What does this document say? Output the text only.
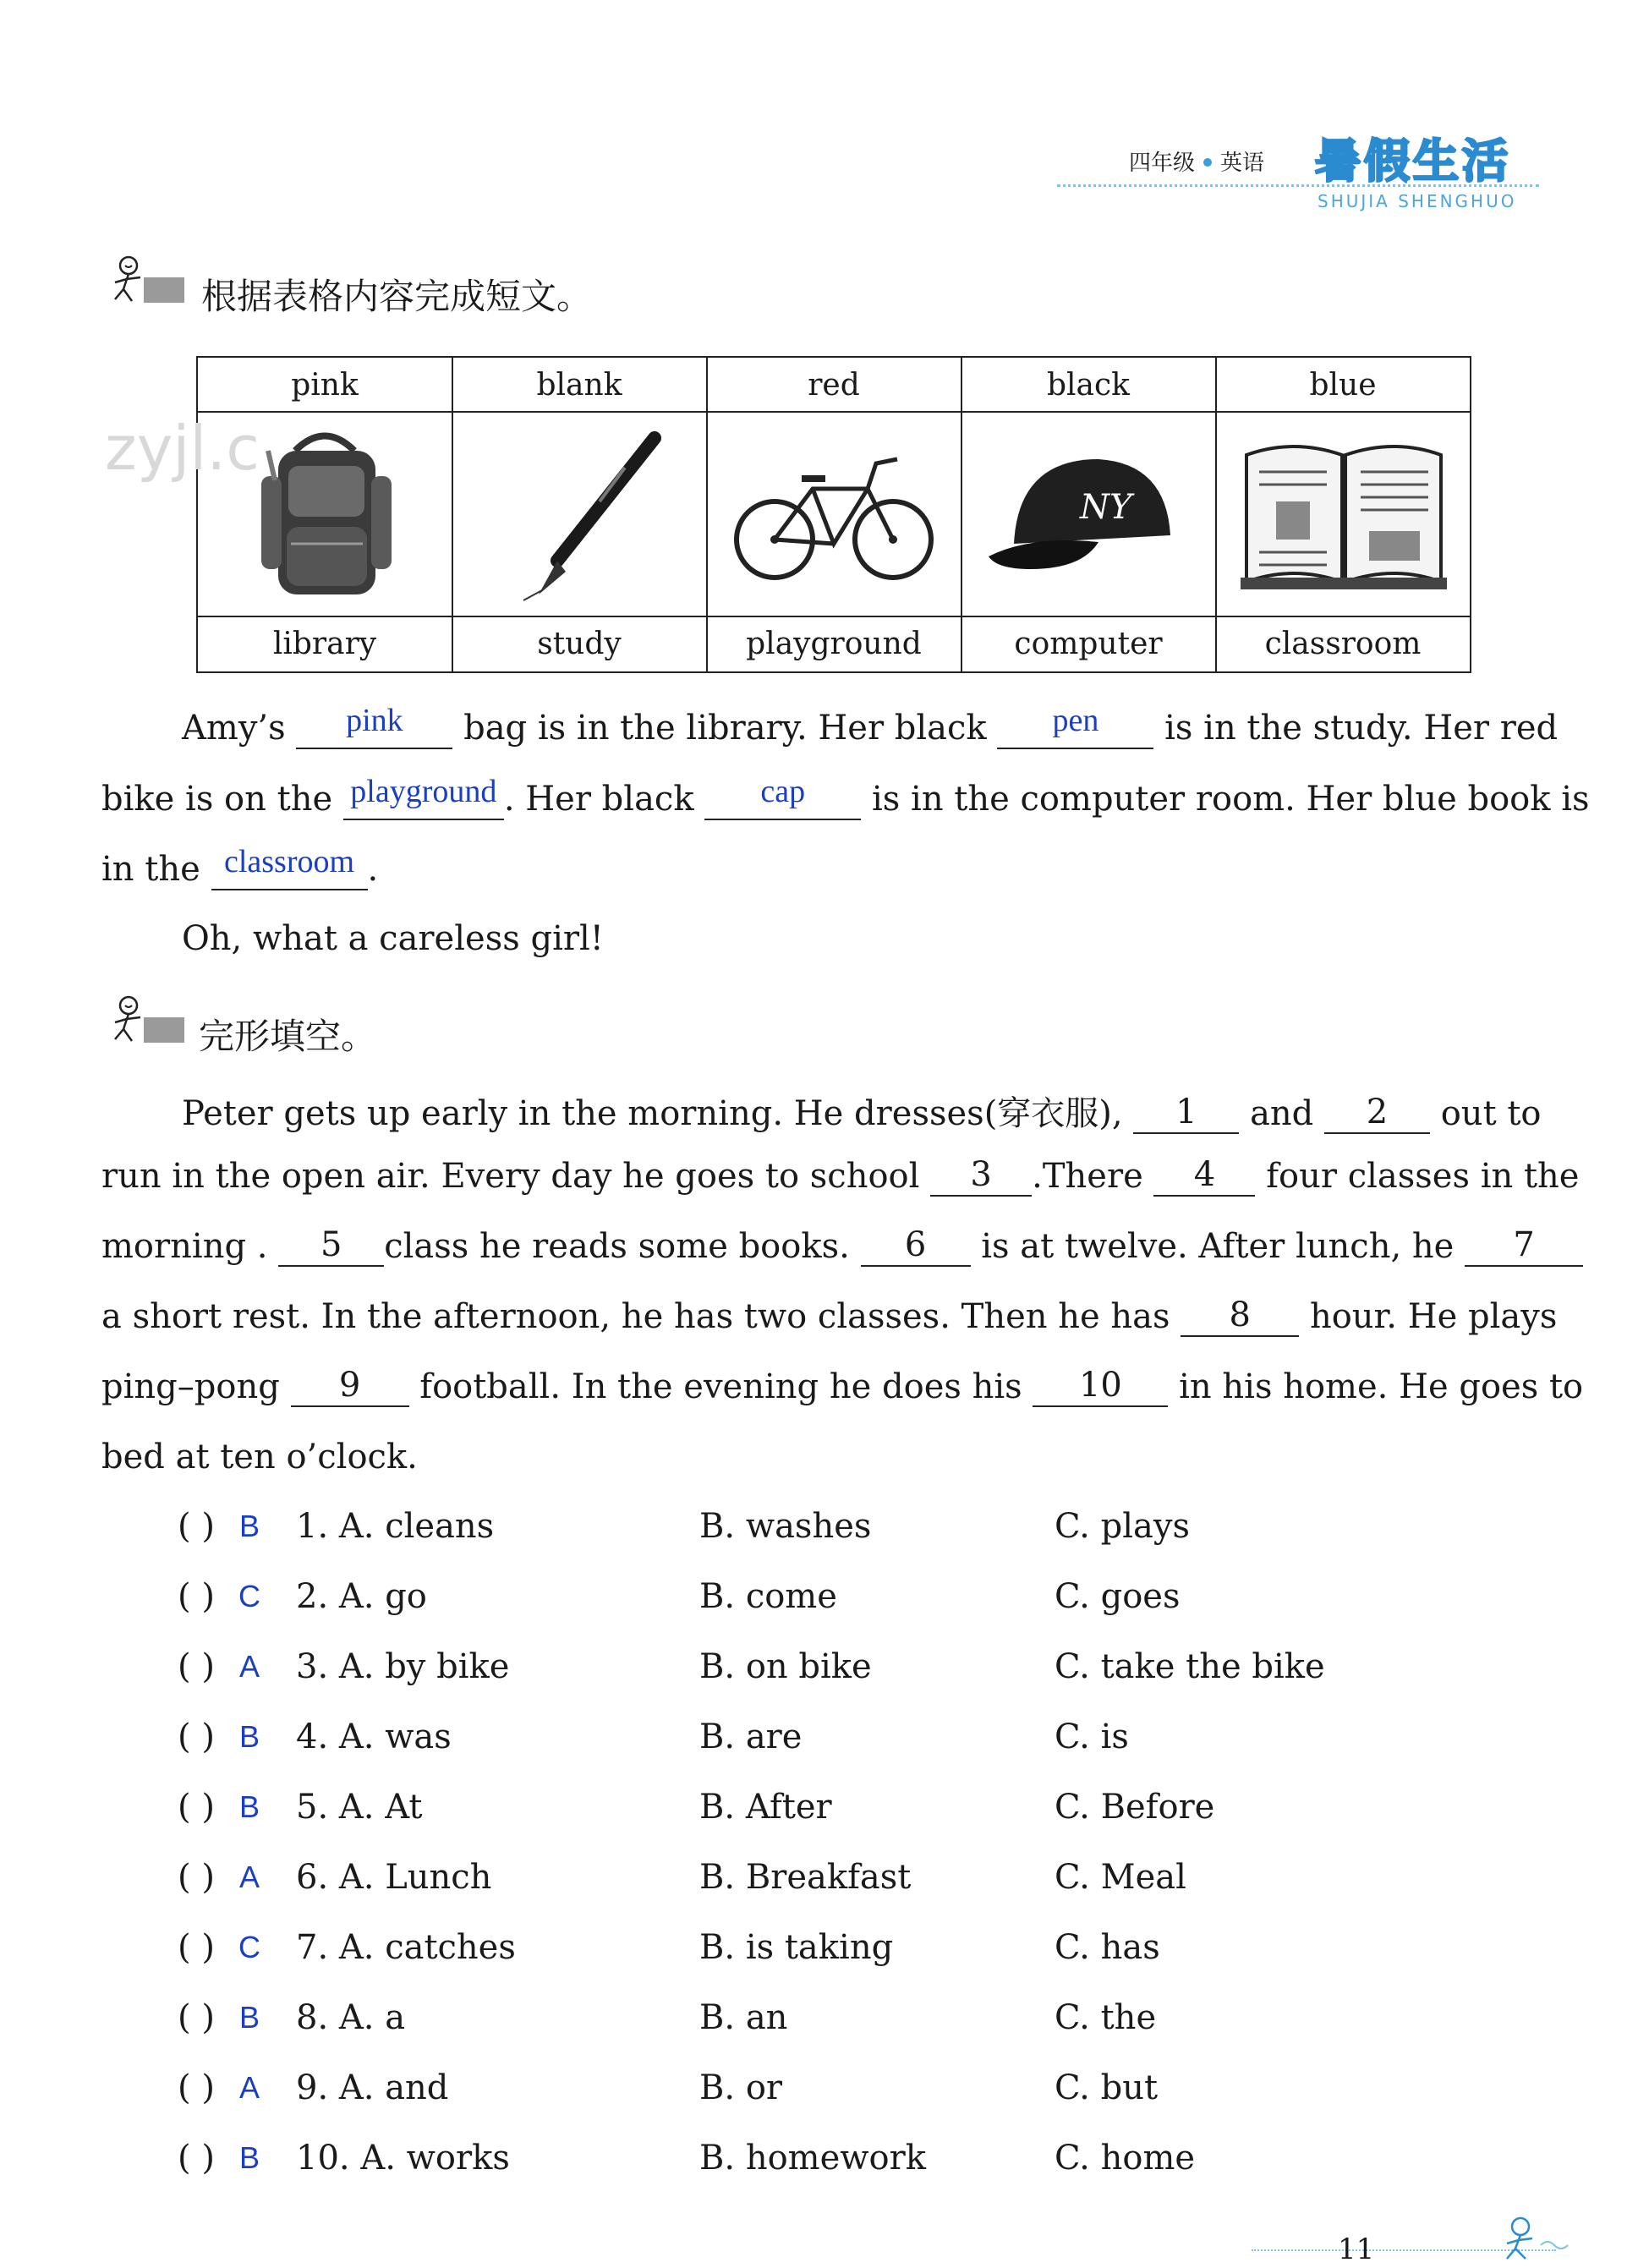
四年级 英语 暑假生活
SHUJIA SHENGHUO
根据表格内容完成短文。
pink	blank	red	black	blue
zyjl.c
NY
library	study	playground	computer	classroom
Amy’s pink bag is in the library. Her black pen is in the study. Her red
bike is on the playground . Her black cap is in the computer room. Her blue book is
in the classroom .
Oh, what a careless girl!
完形填空。
Peter gets up early in the morning. He dresses(穿衣服), 1 and 2 out to
run in the open air. Every day he goes to school 3 .There 4 four classes in the
morning . 5 class he reads some books. 6 is at twelve. After lunch, he 7
a short rest. In the afternoon, he has two classes. Then he has 8 hour. He plays
ping–pong 9 football. In the evening he does his 10 in his home. He goes to
bed at ten o’clock.
( ) B	1. A. cleans	B. washes	C. plays
( ) C	2. A. go	B. come	C. goes
( ) A	3. A. by bike	B. on bike	C. take the bike
( ) B	4. A. was	B. are	C. is
( ) B	5. A. At	B. After	C. Before
( ) A	6. A. Lunch	B. Breakfast	C. Meal
( ) C	7. A. catches	B. is taking	C. has
( ) B	8. A. a	B. an	C. the
( ) A	9. A. and	B. or	C. but
( ) B	10. A. works	B. homework	C. home
11
